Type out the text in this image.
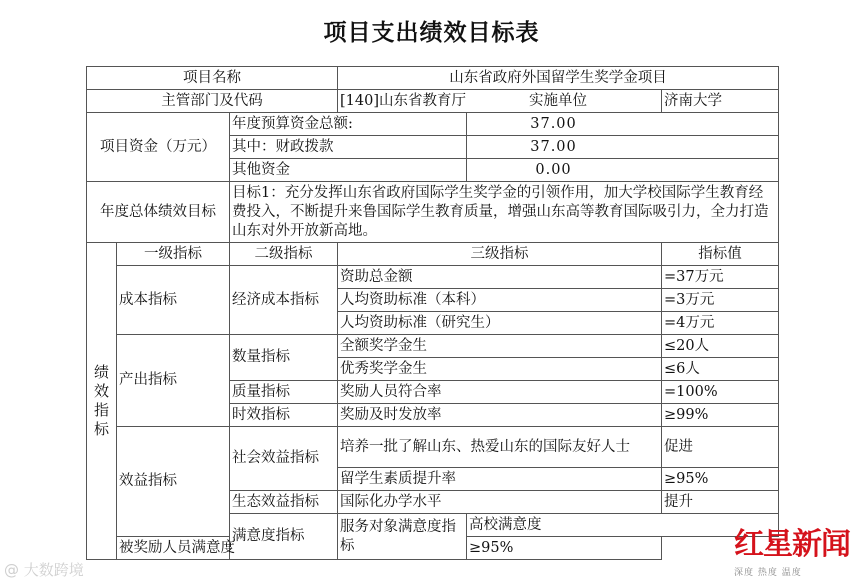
项目支出绩效目标表
项目名称			山东省政府外国留学生奖学金项目			
主管部门及代码			[140]山东省教育厅 实施单位		济南大学	
项目资金（万元）		年度预算资金总额:		37.00		
		其中：财政拨款		37.00		
		其他资金		0.00		
年度总体绩效目标		目标1：充分发挥山东省政府国际学生奖学金的引领作用，加大学校国际学生教育经费投入，不断提升来鲁国际学生教育质量，增强山东高等教育国际吸引力，全力打造山东对外开放新高地。				
绩效指标	一级指标	二级指标	三级指标		指标值	
	成本指标	经济成本指标	资助总金额		=37万元	
			人均资助标准（本科）		=3万元	
			人均资助标准（研究生）		=4万元	
	产出指标	数量指标	全额奖学金生		≤20人	
			优秀奖学金生		≤6人	
		质量指标	奖励人员符合率		=100%	
		时效指标	奖励及时发放率		≥99%	
	效益指标	社会效益指标	培养一批了解山东、热爱山东的国际友好人士		促进	
			留学生素质提升率		≥95%	
		生态效益指标	国际化办学水平		提升	
		满意度指标	服务对象满意度指标	高校满意度	
	被奖励人员满意度			≥95%		
@ 大数跨境
红星新闻
深度 热度 温度
